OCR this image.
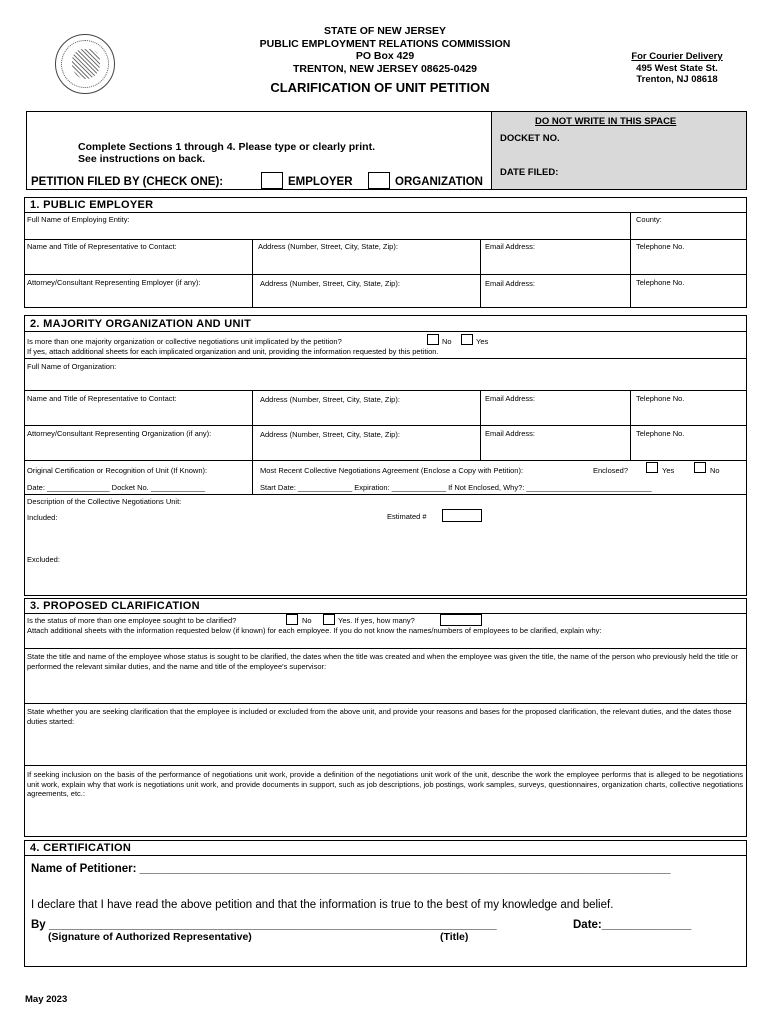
STATE OF NEW JERSEY
PUBLIC EMPLOYMENT RELATIONS COMMISSION
PO Box 429
TRENTON, NEW JERSEY 08625-0429
CLARIFICATION OF UNIT PETITION
For Courier Delivery
495 West State St.
Trenton, NJ 08618
DO NOT WRITE IN THIS SPACE
DOCKET NO.
DATE FILED:
Complete Sections 1 through 4. Please type or clearly print.
See instructions on back.
PETITION FILED BY (CHECK ONE):	EMPLOYER	ORGANIZATION
1. PUBLIC EMPLOYER
Full Name of Employing Entity:	County:
Name and Title of Representative to Contact:	Address (Number, Street, City, State, Zip):	Email Address:	Telephone No.
Attorney/Consultant Representing Employer (if any):	Address (Number, Street, City, State, Zip):	Email Address:	Telephone No.
2. MAJORITY ORGANIZATION AND UNIT
Is more than one majority organization or collective negotiations unit implicated by the petition?	No	Yes
If yes, attach additional sheets for each implicated organization and unit, providing the information requested by this petition.
Full Name of Organization:
Name and Title of Representative to Contact:	Address (Number, Street, City, State, Zip):	Email Address:	Telephone No.
Attorney/Consultant Representing Organization (if any):	Address (Number, Street, City, State, Zip):	Email Address:	Telephone No.
Original Certification or Recognition of Unit (If Known):	Most Recent Collective Negotiations Agreement (Enclose a Copy with Petition):	Enclosed?	Yes	No
Date: _______________ Docket No. _____________	Start Date: _____________ Expiration: _____________ If Not Enclosed, Why?: ______________________________
Description of the Collective Negotiations Unit:
Included:	Estimated #
Excluded:
3. PROPOSED CLARIFICATION
Is the status of more than one employee sought to be clarified?	No	Yes. If yes, how many?
Attach additional sheets with the information requested below (if known) for each employee. If you do not know the names/numbers of employees to be clarified, explain why:
State the title and name of the employee whose status is sought to be clarified, the dates when the title was created and when the employee was given the title, the name of the person who previously held the title or performed the relevant similar duties, and the name and title of the employee's supervisor:
State whether you are seeking clarification that the employee is included or excluded from the above unit, and provide your reasons and bases for the proposed clarification, the relevant duties, and the dates those duties started:
If seeking inclusion on the basis of the performance of negotiations unit work, provide a definition of the negotiations unit work of the unit, describe the work the employee performs that is alleged to be negotiations unit work, explain why that work is negotiations unit work, and provide documents in support, such as job descriptions, job postings, work samples, surveys, questionnaires, organization charts, collective negotiations agreements, etc.:
4. CERTIFICATION
Name of Petitioner: ___________________________________________________________________________________
I declare that I have read the above petition and that the information is true to the best of my knowledge and belief.
By ______________________________________________________________________	Date:______________
(Signature of Authorized Representative)	(Title)
May 2023
